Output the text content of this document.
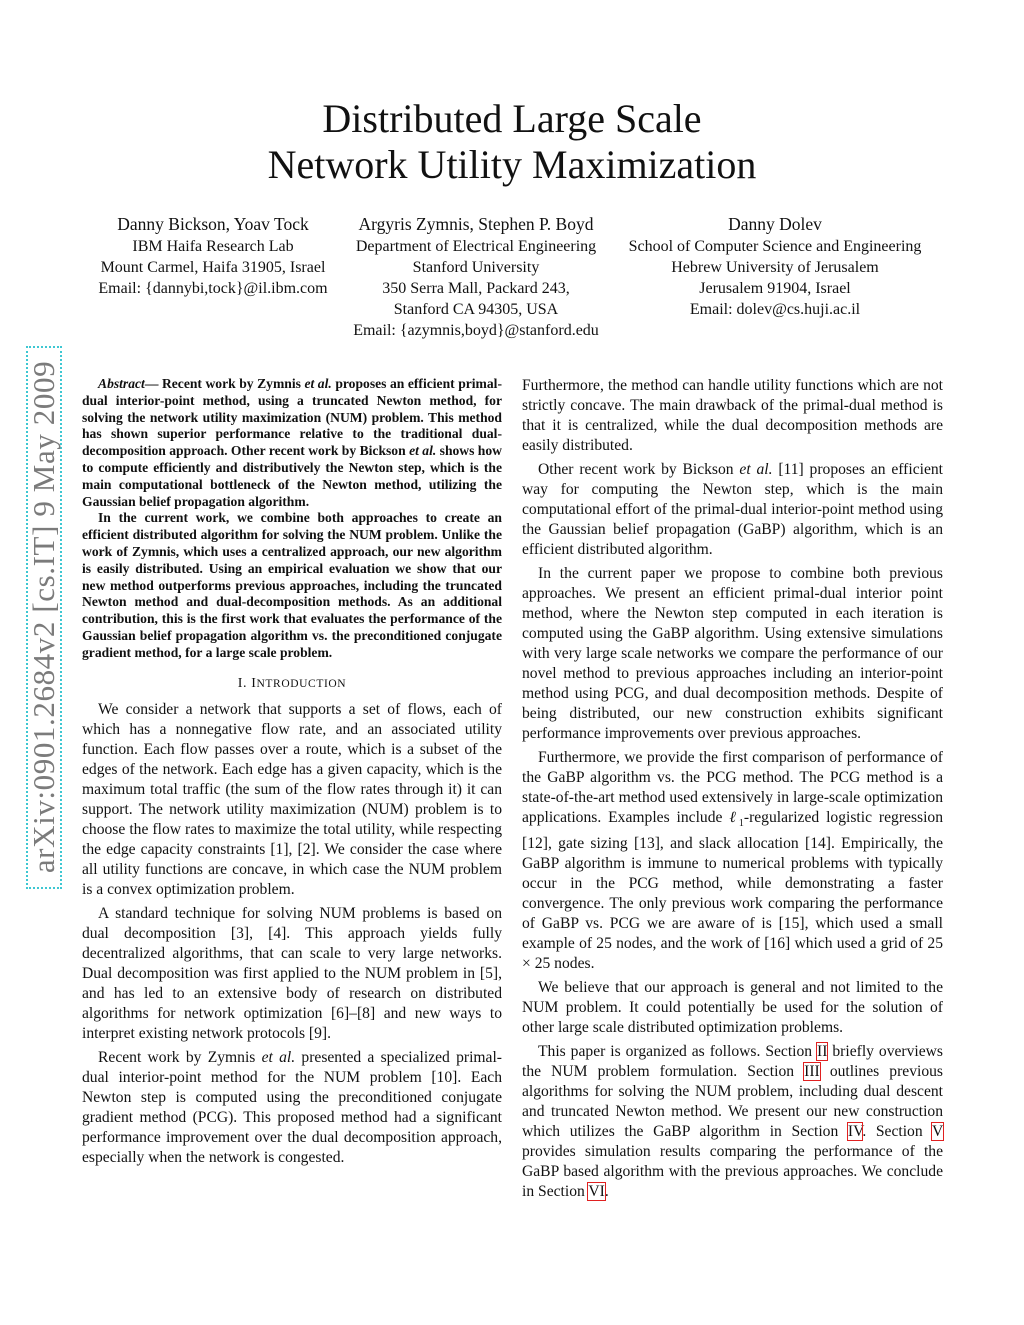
Distributed Large Scale
Network Utility Maximization
Danny Bickson, Yoav Tock
IBM Haifa Research Lab
Mount Carmel, Haifa 31905, Israel
Email: {dannybi,tock}@il.ibm.com
Argyris Zymnis, Stephen P. Boyd
Department of Electrical Engineering
Stanford University
350 Serra Mall, Packard 243,
Stanford CA 94305, USA
Email: {azymnis,boyd}@stanford.edu
Danny Dolev
School of Computer Science and Engineering
Hebrew University of Jerusalem
Jerusalem 91904, Israel
Email: dolev@cs.huji.ac.il
arXiv:0901.2684v2 [cs.IT] 9 May 2009	Abstract— Recent work by Zymnis et al. proposes an efficient primal-dual interior-point method, using a truncated Newton method, for solving the network utility maximization (NUM) problem. This method has shown superior performance relative to the traditional dual-decomposition approach. Other recent work by Bickson et al. shows how to compute efficiently and distributively the Newton step, which is the main computational bottleneck of the Newton method, utilizing the Gaussian belief propagation algorithm.

In the current work, we combine both approaches to create an efficient distributed algorithm for solving the NUM problem. Unlike the work of Zymnis, which uses a centralized approach, our new algorithm is easily distributed. Using an empirical evaluation we show that our new method outperforms previous approaches, including the truncated Newton method and dual-decomposition methods. As an additional contribution, this is the first work that evaluates the performance of the Gaussian belief propagation algorithm vs. the preconditioned conjugate gradient method, for a large scale problem.

I. INTRODUCTION

We consider a network that supports a set of flows, each of which has a nonnegative flow rate, and an associated utility function. Each flow passes over a route, which is a subset of the edges of the network. Each edge has a given capacity, which is the maximum total traffic (the sum of the flow rates through it) it can support. The network utility maximization (NUM) problem is to choose the flow rates to maximize the total utility, while respecting the edge capacity constraints [1], [2]. We consider the case where all utility functions are concave, in which case the NUM problem is a convex optimization problem.

A standard technique for solving NUM problems is based on dual decomposition [3], [4]. This approach yields fully decentralized algorithms, that can scale to very large networks. Dual decomposition was first applied to the NUM problem in [5], and has led to an extensive body of research on distributed algorithms for network optimization [6]–[8] and new ways to interpret existing network protocols [9].

Recent work by Zymnis et al. presented a specialized primal-dual interior-point method for the NUM problem [10]. Each Newton step is computed using the preconditioned conjugate gradient method (PCG). This proposed method had a significant performance improvement over the dual decomposition approach, especially when the network is congested.

Furthermore, the method can handle utility functions which are not strictly concave. The main drawback of the primal-dual method is that it is centralized, while the dual decomposition methods are easily distributed.

Other recent work by Bickson et al. [11] proposes an efficient way for computing the Newton step, which is the main computational effort of the primal-dual interior-point method using the Gaussian belief propagation (GaBP) algorithm, which is an efficient distributed algorithm.

In the current paper we propose to combine both previous approaches. We present an efficient primal-dual interior point method, where the Newton step computed in each iteration is computed using the GaBP algorithm. Using extensive simulations with very large scale networks we compare the performance of our novel method to previous approaches including an interior-point method using PCG, and dual decomposition methods. Despite of being distributed, our new construction exhibits significant performance improvements over previous approaches.

Furthermore, we provide the first comparison of performance of the GaBP algorithm vs. the PCG method. The PCG method is a state-of-the-art method used extensively in large-scale optimization applications. Examples include ℓ$_1$-regularized logistic regression [12], gate sizing [13], and slack allocation [14]. Empirically, the GaBP algorithm is immune to numerical problems with typically occur in the PCG method, while demonstrating a faster convergence. The only previous work comparing the performance of GaBP vs. PCG we are aware of is [15], which used a small example of 25 nodes, and the work of [16] which used a grid of 25 × 25 nodes.

We believe that our approach is general and not limited to the NUM problem. It could potentially be used for the solution of other large scale distributed optimization problems.

This paper is organized as follows. Section II briefly overviews the NUM problem formulation. Section III outlines previous algorithms for solving the NUM problem, including dual descent and truncated Newton method. We present our new construction which utilizes the GaBP algorithm in Section IV. Section V provides simulation results comparing the performance of the GaBP based algorithm with the previous approaches. We conclude in Section VI.
